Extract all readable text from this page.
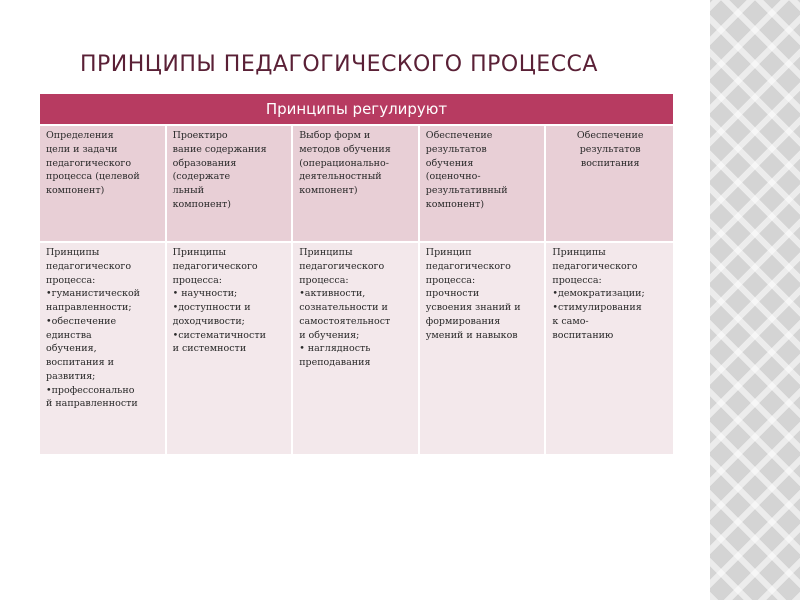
ПРИНЦИПЫ ПЕДАГОГИЧЕСКОГО ПРОЦЕССА
Принципы регулируют
Определения
цели и задачи
педагогического
процесса (целевой
компонент)
Проектиро
вание содержания
образования
(содержате
льный
компонент)
Выбор форм и
методов обучения
(операционально-
деятельностный
компонент)
Обеспечение
результатов
обучения
(оценочно-
результативный
компонент)
Обеспечение
результатов
воспитания
Принципы
педагогического
процесса:
•гуманистической
направленности;
•обеспечение
единства
обучения,
воспитания и
развития;
•профессонально
й направленности
Принципы
педагогического
процесса:
• научности;
•доступности и
доходчивости;
•систематичности
и системности
Принципы
педагогического
процесса:
•активности,
сознательности и
самостоятельност
и обучения;
• наглядность
преподавания
Принцип
педагогического
процесса:
прочности
усвоения знаний и
формирования
умений и навыков
Принципы
педагогического
процесса:
•демократизации;
•стимулирования
к само-
воспитанию
